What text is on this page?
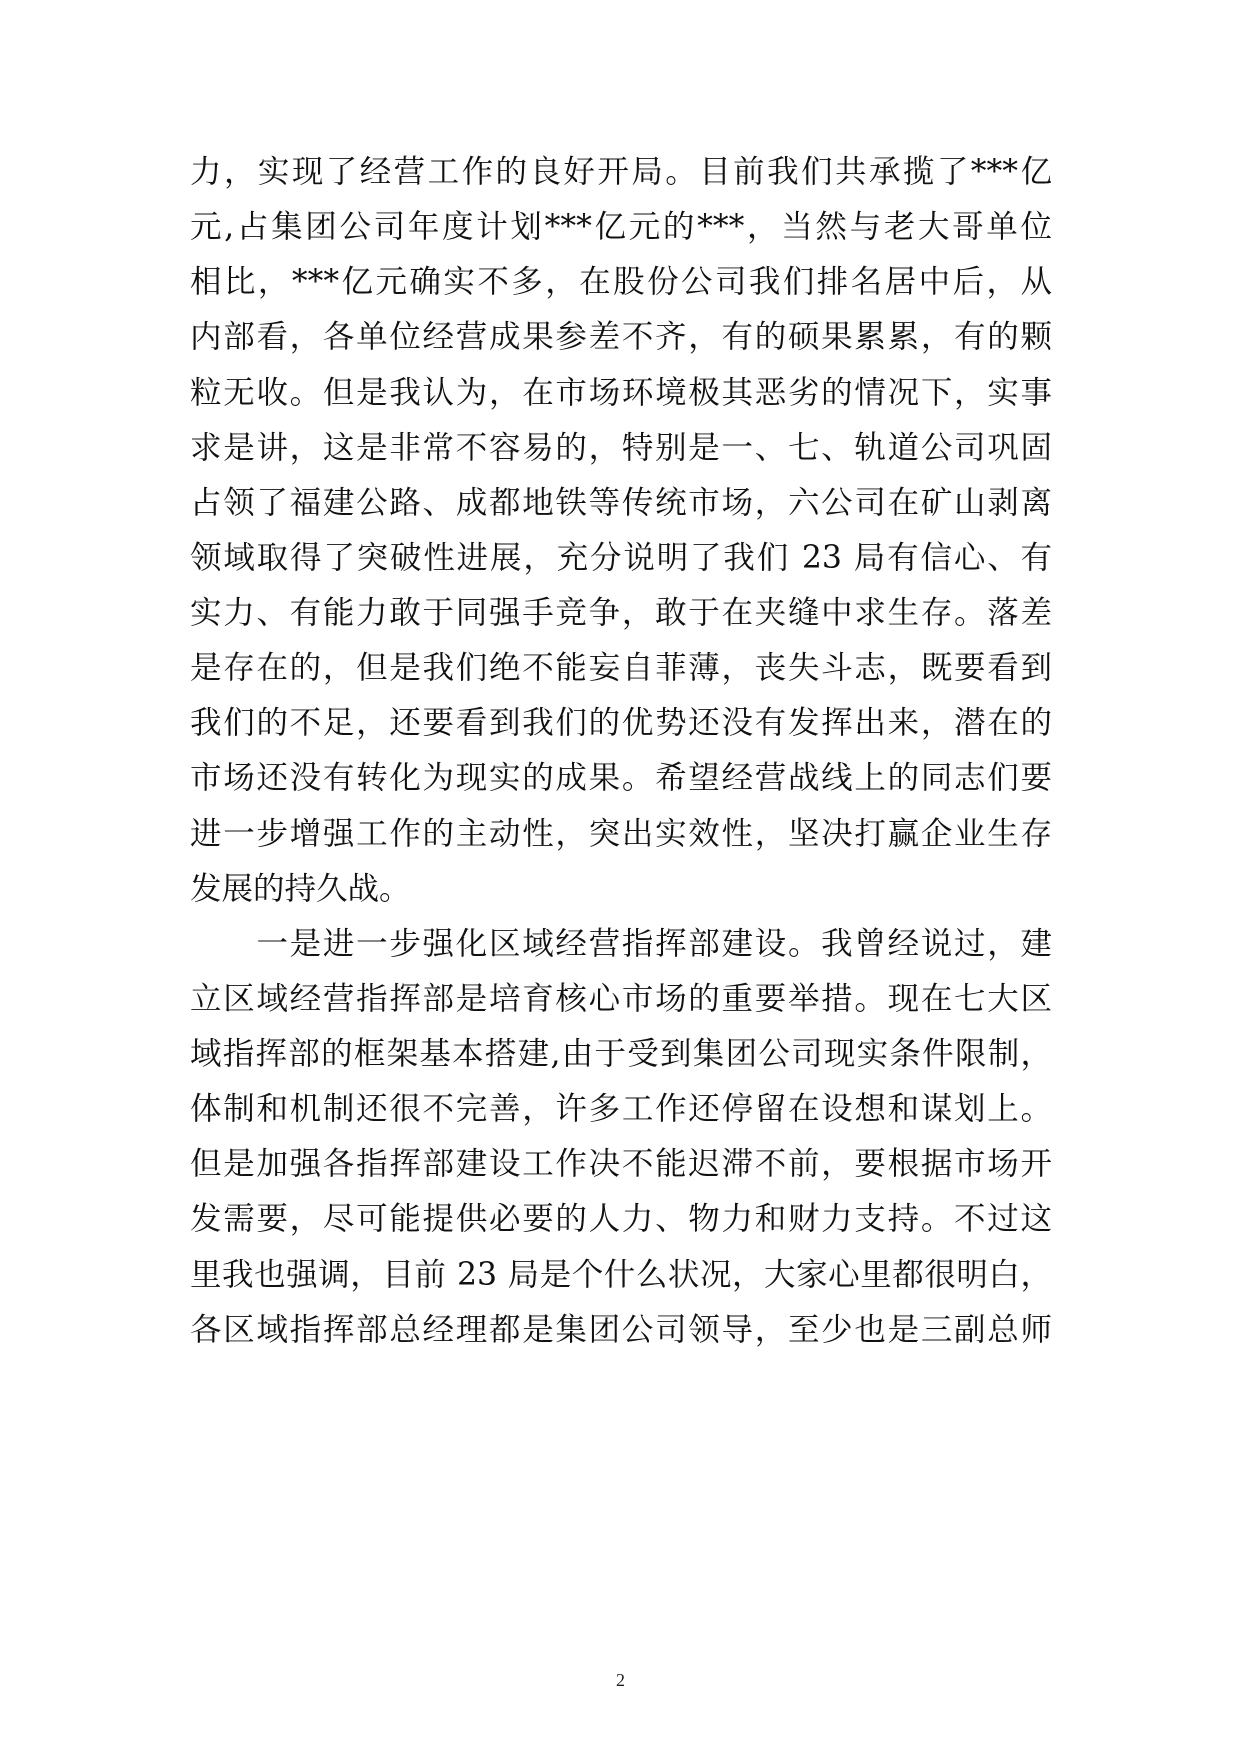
力，实现了经营工作的良好开局。目前我们共承揽了***亿
元,占集团公司年度计划***亿元的***，当然与老大哥单位
相比，***亿元确实不多，在股份公司我们排名居中后，从
内部看，各单位经营成果参差不齐，有的硕果累累，有的颗
粒无收。但是我认为，在市场环境极其恶劣的情况下，实事
求是讲，这是非常不容易的，特别是一、七、轨道公司巩固
占领了福建公路、成都地铁等传统市场，六公司在矿山剥离
领域取得了突破性进展，充分说明了我们 23 局有信心、有
实力、有能力敢于同强手竞争，敢于在夹缝中求生存。落差
是存在的，但是我们绝不能妄自菲薄，丧失斗志，既要看到
我们的不足，还要看到我们的优势还没有发挥出来，潜在的
市场还没有转化为现实的成果。希望经营战线上的同志们要
进一步增强工作的主动性，突出实效性，坚决打赢企业生存
发展的持久战。
　　一是进一步强化区域经营指挥部建设。我曾经说过，建
立区域经营指挥部是培育核心市场的重要举措。现在七大区
域指挥部的框架基本搭建,由于受到集团公司现实条件限制，
体制和机制还很不完善，许多工作还停留在设想和谋划上。
但是加强各指挥部建设工作决不能迟滞不前，要根据市场开
发需要，尽可能提供必要的人力、物力和财力支持。不过这
里我也强调，目前 23 局是个什么状况，大家心里都很明白，
各区域指挥部总经理都是集团公司领导，至少也是三副总师
2
